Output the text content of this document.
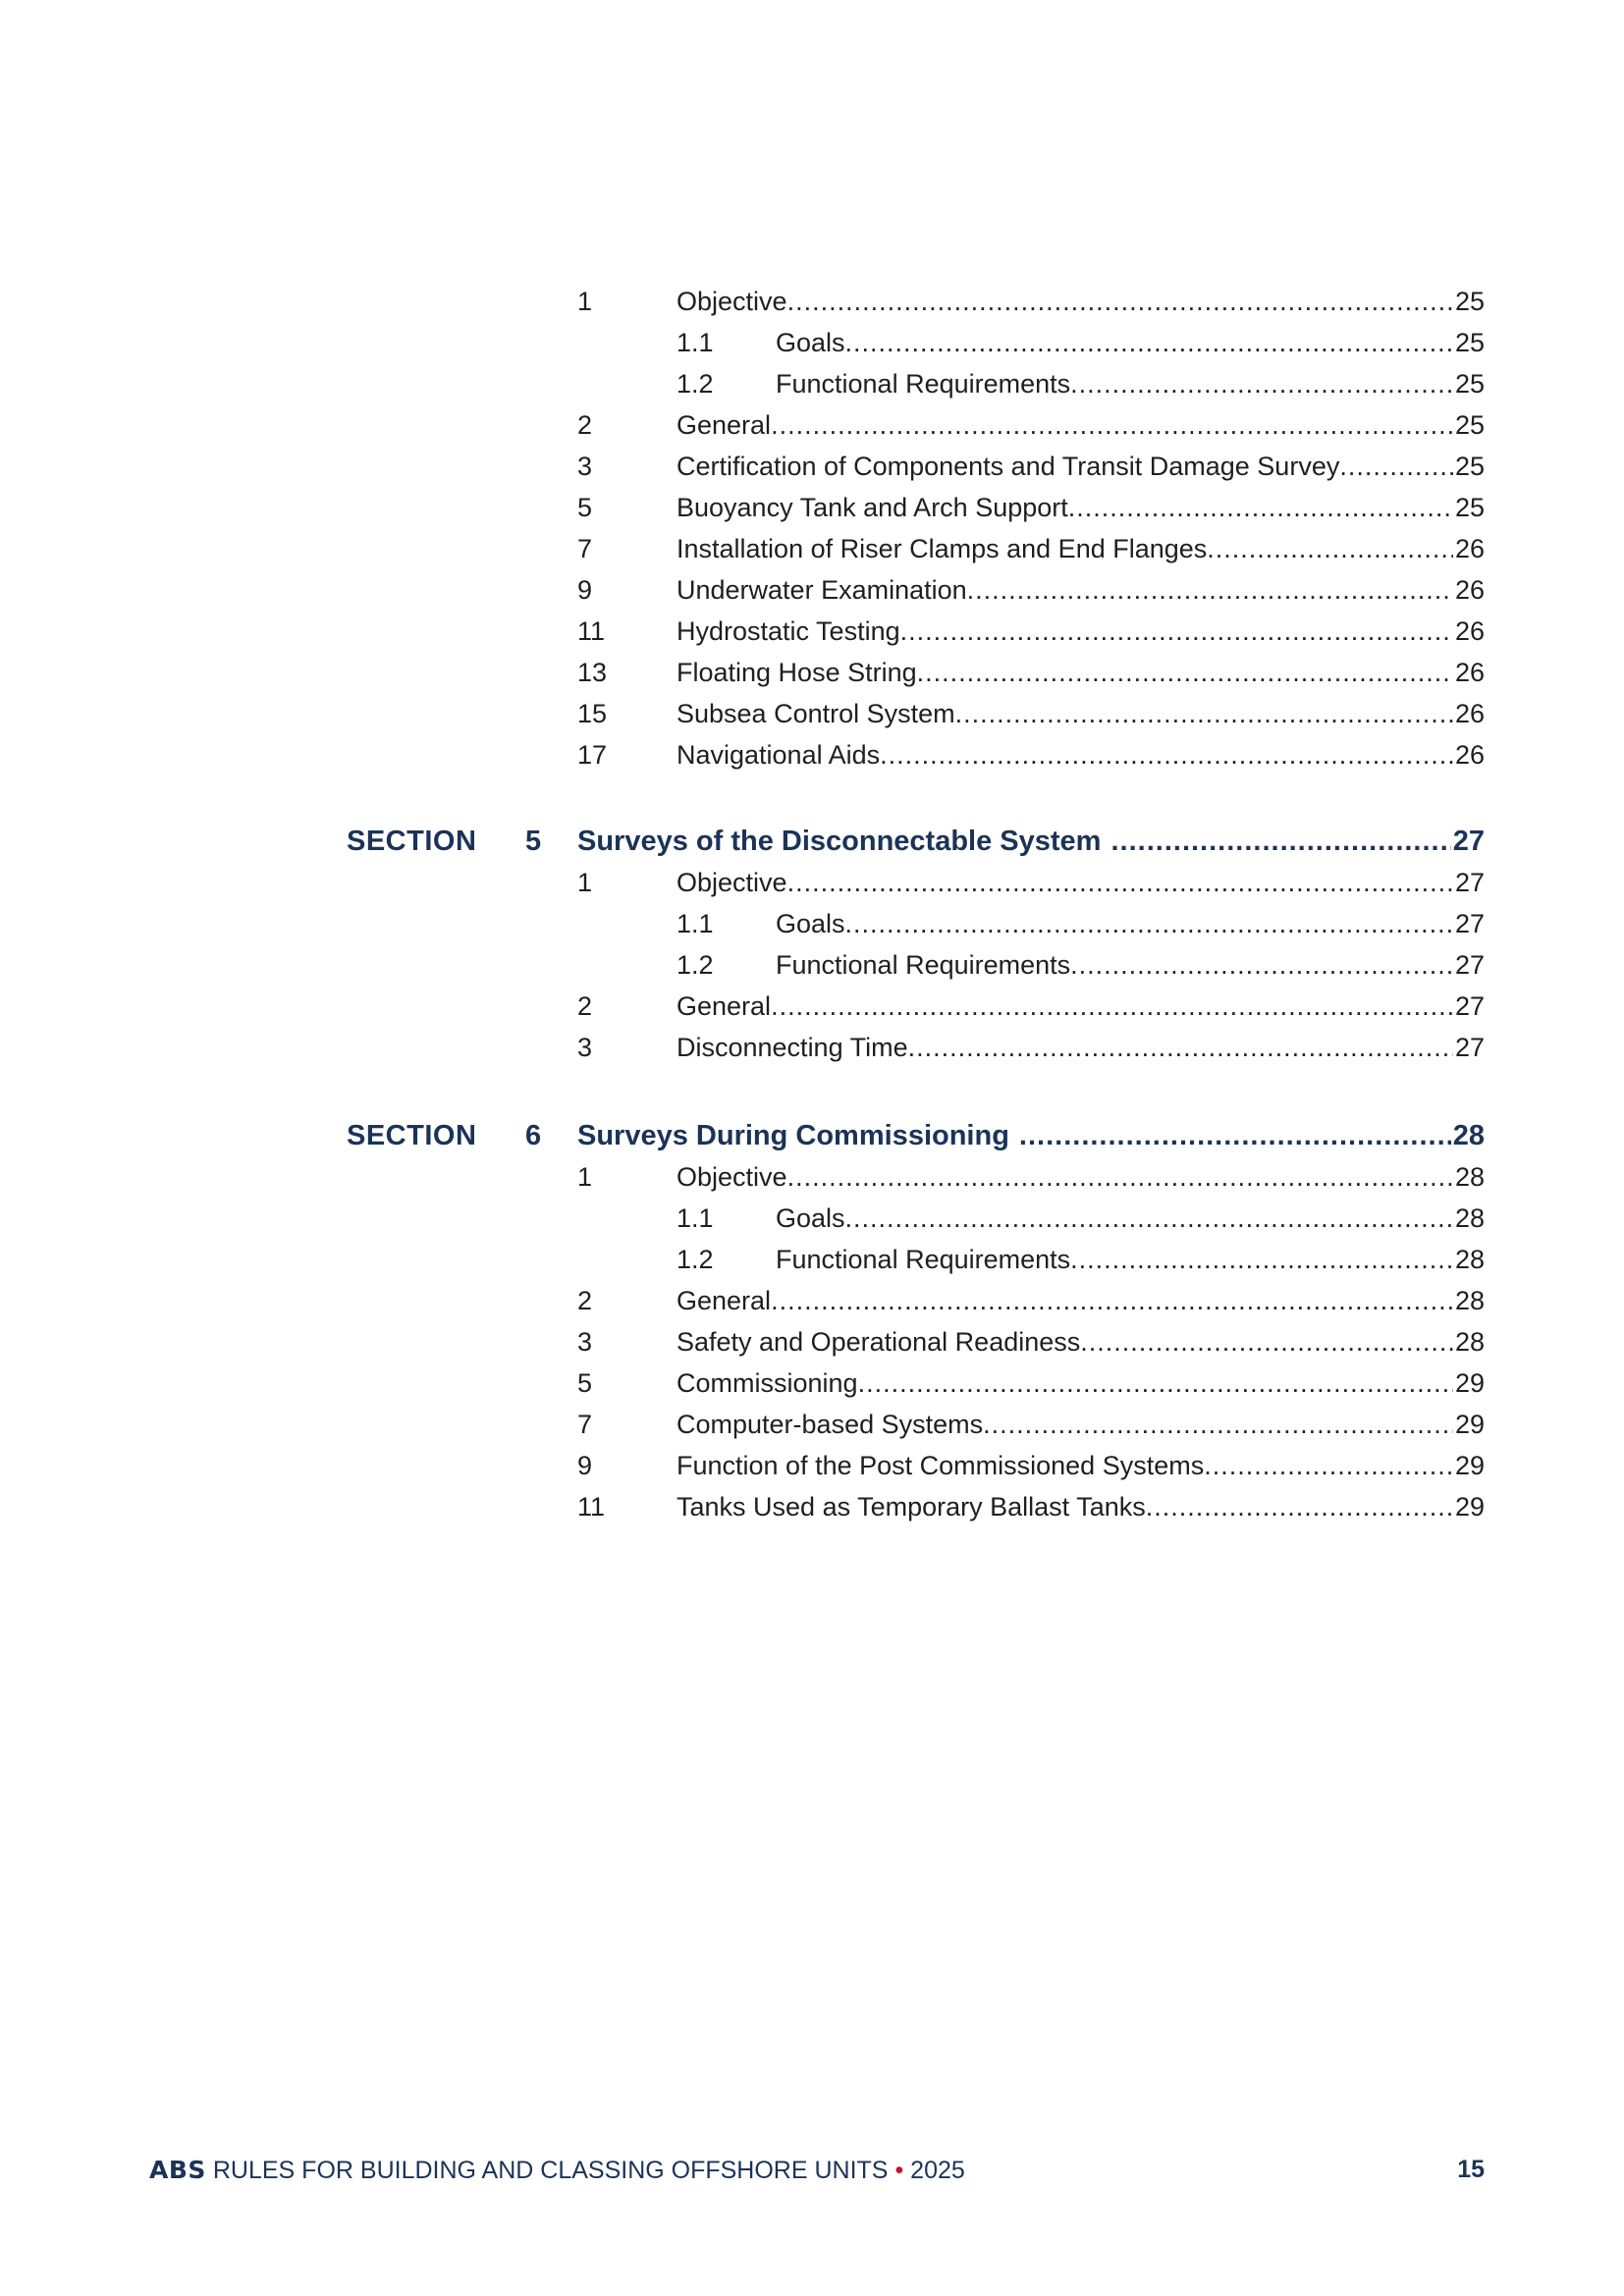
1	Objective .....	25
1.1 Goals .....	25
1.2 Functional Requirements .....	25
2	General .....	25
3	Certification of Components and Transit Damage Survey .....	25
5	Buoyancy Tank and Arch Support .....	25
7	Installation of Riser Clamps and End Flanges .....	26
9	Underwater Examination .....	26
11	Hydrostatic Testing .....	26
13	Floating Hose String .....	26
15	Subsea Control System .....	26
17	Navigational Aids .....	26
SECTION 5 Surveys of the Disconnectable System .....	27
1	Objective .....	27
1.1 Goals .....	27
1.2 Functional Requirements .....	27
2	General .....	27
3	Disconnecting Time .....	27
SECTION 6 Surveys During Commissioning .....	28
1	Objective .....	28
1.1 Goals .....	28
1.2 Functional Requirements .....	28
2	General .....	28
3	Safety and Operational Readiness .....	28
5	Commissioning .....	29
7	Computer-based Systems .....	29
9	Function of the Post Commissioned Systems .....	29
11	Tanks Used as Temporary Ballast Tanks .....	29
ABS RULES FOR BUILDING AND CLASSING OFFSHORE UNITS • 2025	15
